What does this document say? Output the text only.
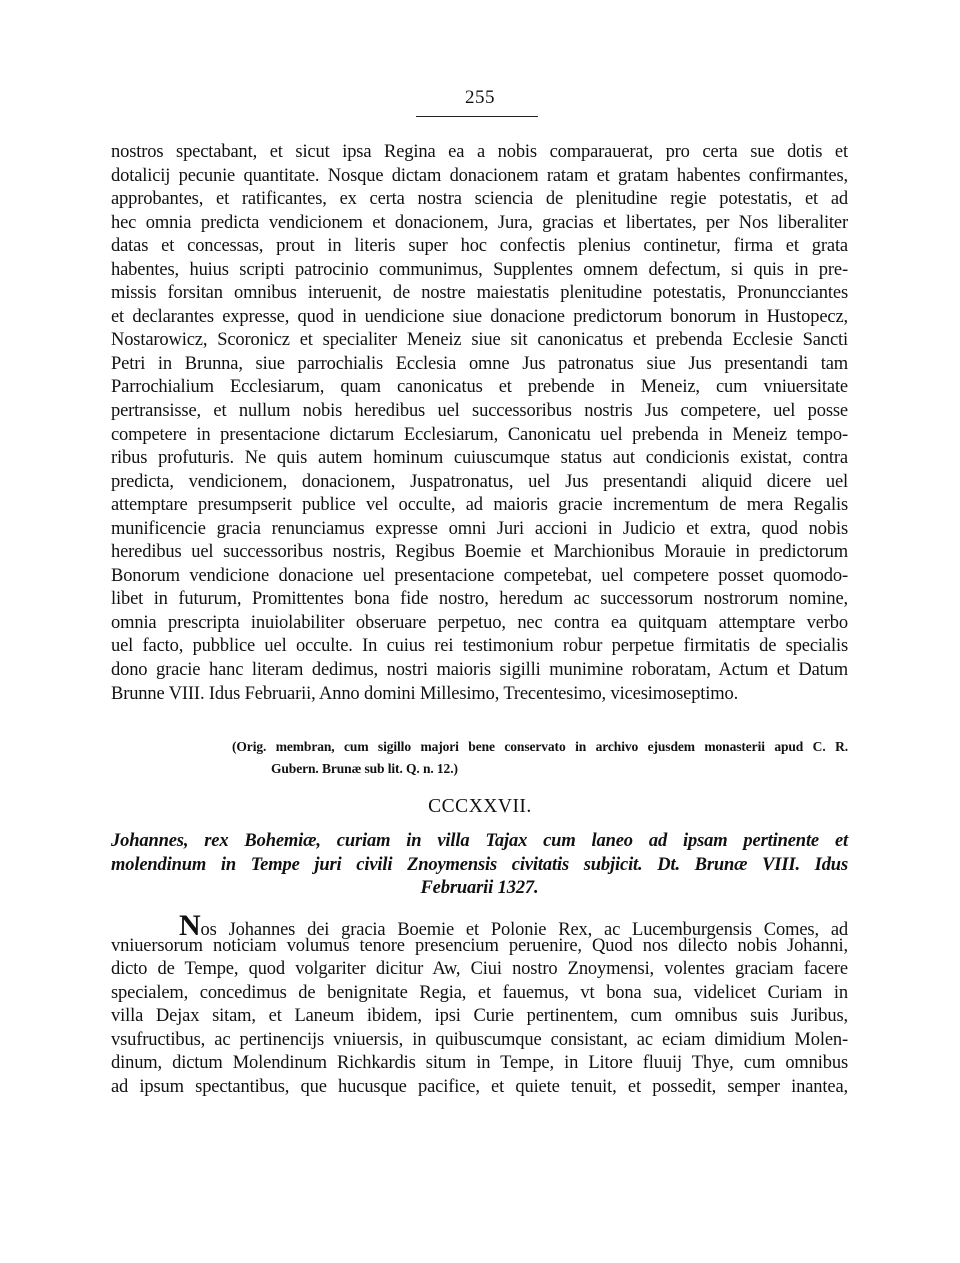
255
nostros spectabant, et sicut ipsa Regina ea a nobis comparauerat, pro certa sue dotis et
dotalicij pecunie quantitate. Nosque dictam donacionem ratam et gratam habentes confirmantes,
approbantes, et ratificantes, ex certa nostra sciencia de plenitudine regie potestatis, et ad
hec omnia predicta vendicionem et donacionem, Jura, gracias et libertates, per Nos liberaliter
datas et concessas, prout in literis super hoc confectis plenius continetur, firma et grata
habentes, huius scripti patrocinio communimus, Supplentes omnem defectum, si quis in pre-
missis forsitan omnibus interuenit, de nostre maiestatis plenitudine potestatis, Pronuncciantes
et declarantes expresse, quod in uendicione siue donacione predictorum bonorum in Hustopecz,
Nostarowicz, Scoronicz et specialiter Meneiz siue sit canonicatus et prebenda Ecclesie Sancti
Petri in Brunna, siue parrochialis Ecclesia omne Jus patronatus siue Jus presentandi tam
Parrochialium Ecclesiarum, quam canonicatus et prebende in Meneiz, cum vniuersitate
pertransisse, et nullum nobis heredibus uel successoribus nostris Jus competere, uel posse
competere in presentacione dictarum Ecclesiarum, Canonicatu uel prebenda in Meneiz tempo-
ribus profuturis. Ne quis autem hominum cuiuscumque status aut condicionis existat, contra
predicta, vendicionem, donacionem, Juspatronatus, uel Jus presentandi aliquid dicere uel
attemptare presumpserit publice vel occulte, ad maioris gracie incrementum de mera Regalis
munificencie gracia renunciamus expresse omni Juri accioni in Judicio et extra, quod nobis
heredibus uel successoribus nostris, Regibus Boemie et Marchionibus Morauie in predictorum
Bonorum vendicione donacione uel presentacione competebat, uel competere posset quomodo-
libet in futurum, Promittentes bona fide nostro, heredum ac successorum nostrorum nomine,
omnia prescripta inuiolabiliter obseruare perpetuo, nec contra ea quitquam attemptare verbo
uel facto, pubblice uel occulte. In cuius rei testimonium robur perpetue firmitatis de specialis
dono gracie hanc literam dedimus, nostri maioris sigilli munimine roboratam, Actum et Datum
Brunne VIII. Idus Februarii, Anno domini Millesimo, Trecentesimo, vicesimoseptimo.
(Orig. membran, cum sigillo majori bene conservato in archivo ejusdem monasterii apud C. R.
Gubern. Brunæ sub lit. Q. n. 12.)
CCCXXVII.
Johannes, rex Bohemiæ, curiam in villa Tajax cum laneo ad ipsam pertinente et
molendinum in Tempe juri civili Znoymensis civitatis subjicit. Dt. Brunæ VIII. Idus
Februarii 1327.
Nos Johannes dei gracia Boemie et Polonie Rex, ac Lucemburgensis Comes, ad
vniuersorum noticiam volumus tenore presencium peruenire, Quod nos dilecto nobis Johanni,
dicto de Tempe, quod volgariter dicitur Aw, Ciui nostro Znoymensi, volentes graciam facere
specialem, concedimus de benignitate Regia, et fauemus, vt bona sua, videlicet Curiam in
villa Dejax sitam, et Laneum ibidem, ipsi Curie pertinentem, cum omnibus suis Juribus,
vsufructibus, ac pertinencijs vniuersis, in quibuscumque consistant, ac eciam dimidium Molen-
dinum, dictum Molendinum Richkardis situm in Tempe, in Litore fluuij Thye, cum omnibus
ad ipsum spectantibus, que hucusque pacifice, et quiete tenuit, et possedit, semper inantea,
